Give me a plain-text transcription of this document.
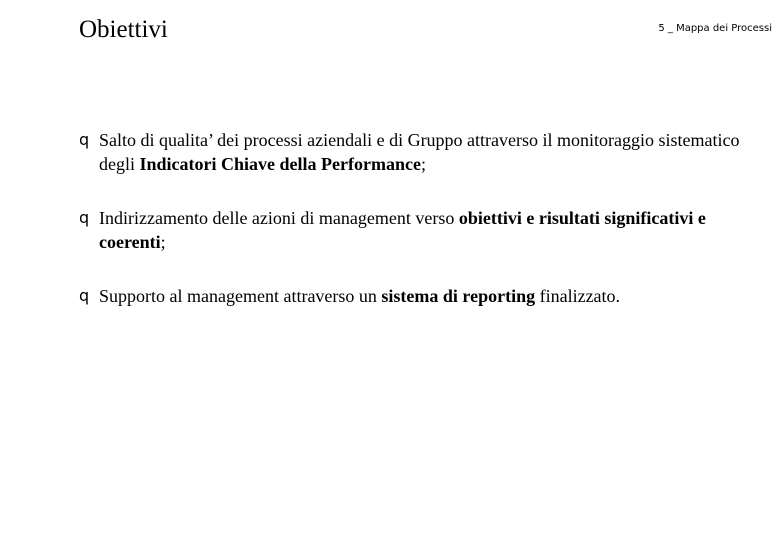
Obiettivi	5 _ Mappa dei Processi
q Salto di qualita’ dei processi aziendali e di Gruppo attraverso il monitoraggio sistematico degli Indicatori Chiave della Performance;
q Indirizzamento delle azioni di management verso obiettivi e risultati significativi e coerenti;
q Supporto al management attraverso un sistema di reporting finalizzato.
